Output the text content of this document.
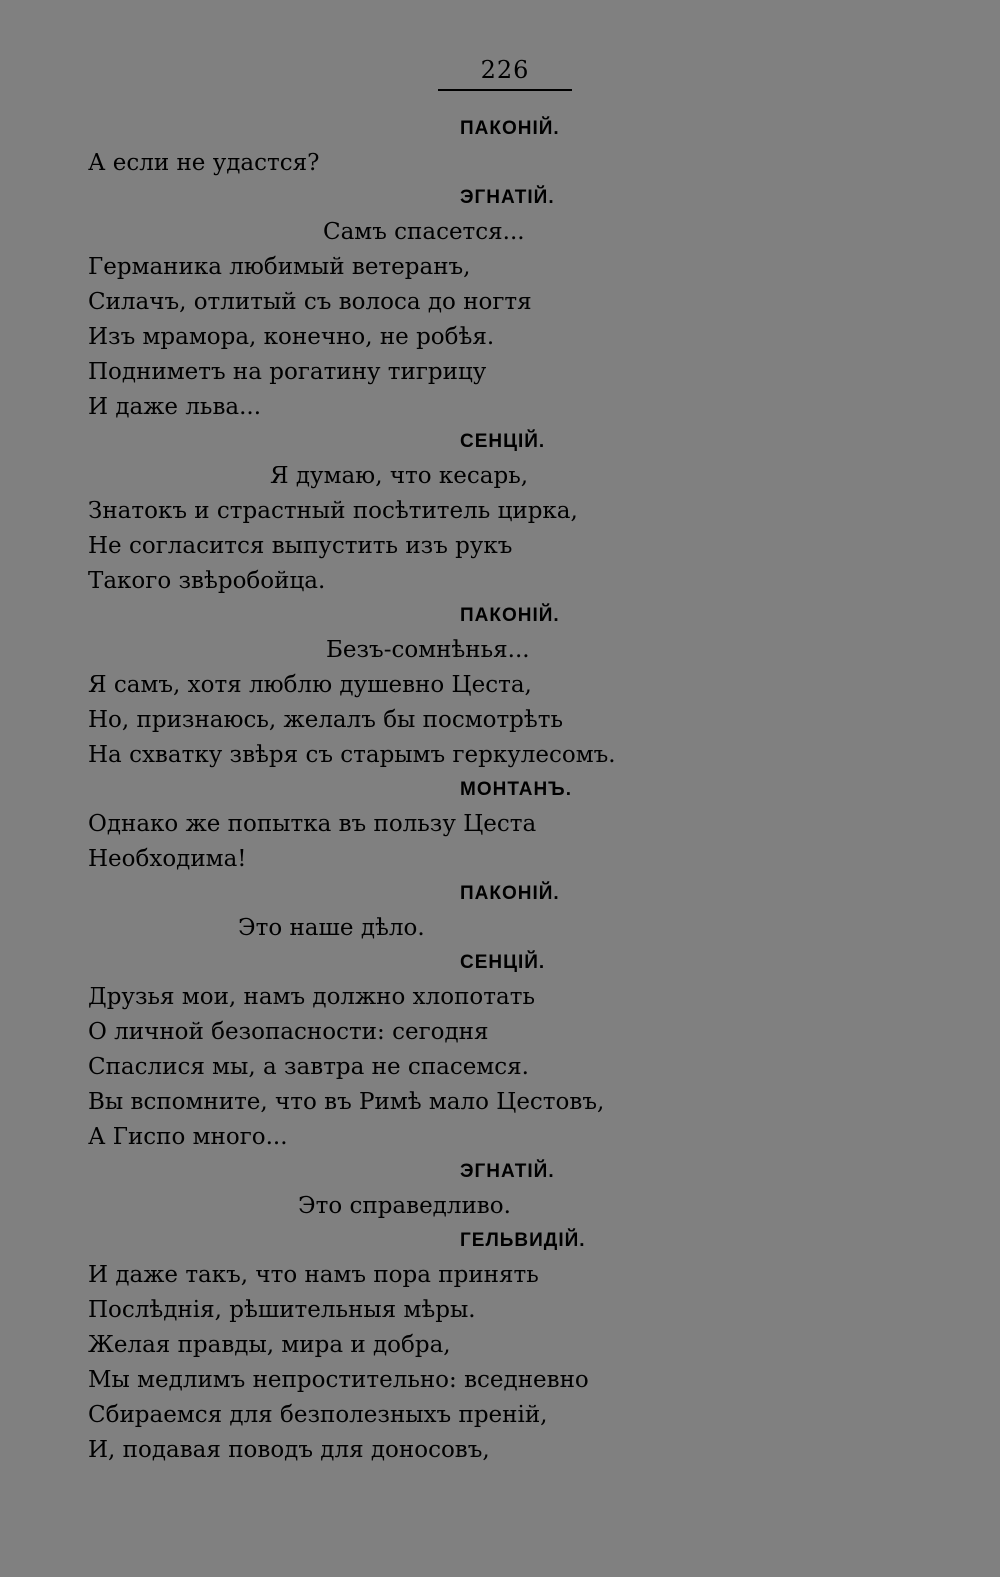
226
ПАКОНІЙ.
А если не удастся?
ЭГНАТІЙ.
Самъ спасется...
Германика любимый ветеранъ,
Силачъ, отлитый съ волоса до ногтя
Изъ мрамора, конечно, не робѣя.
Подниметъ на рогатину тигрицу
И даже льва...
СЕНЦІЙ.
Я думаю, что кесарь,
Знатокъ и страстный посѣтитель цирка,
Не согласится выпустить изъ рукъ
Такого звѣробойца.
ПАКОНІЙ.
Безъ-сомнѣнья...
Я самъ, хотя люблю душевно Цеста,
Но, признаюсь, желалъ бы посмотрѣть
На схватку звѣря съ старымъ геркулесомъ.
МОНТАНЪ.
Однако же попытка въ пользу Цеста
Необходима!
ПАКОНІЙ.
Это наше дѣло.
СЕНЦІЙ.
Друзья мои, намъ должно хлопотать
О личной безопасности: сегодня
Спаслися мы, а завтра не спасемся.
Вы вспомните, что въ Римѣ мало Цестовъ,
А Гиспо много...
ЭГНАТІЙ.
Это справедливо.
ГЕЛЬВИДІЙ.
И даже такъ, что намъ пора принять
Послѣднія, рѣшительныя мѣры.
Желая правды, мира и добра,
Мы медлимъ непростительно: вседневно
Сбираемся для безполезныхъ преній,
И, подавая поводъ для доносовъ,
